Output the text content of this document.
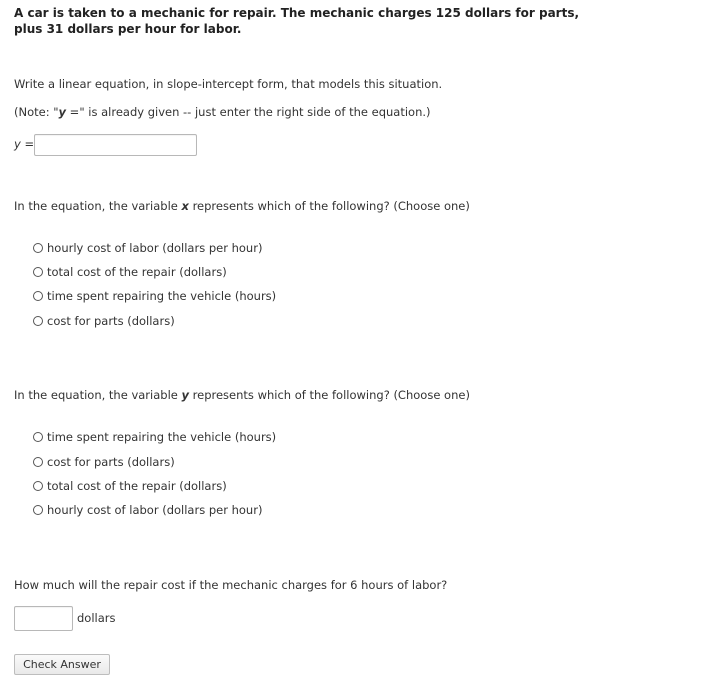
A car is taken to a mechanic for repair. The mechanic charges 125 dollars for parts, plus 31 dollars per hour for labor.
Write a linear equation, in slope-intercept form, that models this situation.
(Note: "y =" is already given -- just enter the right side of the equation.)
y =
In the equation, the variable x represents which of the following? (Choose one)
hourly cost of labor (dollars per hour)
total cost of the repair (dollars)
time spent repairing the vehicle (hours)
cost for parts (dollars)
In the equation, the variable y represents which of the following? (Choose one)
time spent repairing the vehicle (hours)
cost for parts (dollars)
total cost of the repair (dollars)
hourly cost of labor (dollars per hour)
How much will the repair cost if the mechanic charges for 6 hours of labor?
dollars
Check Answer
